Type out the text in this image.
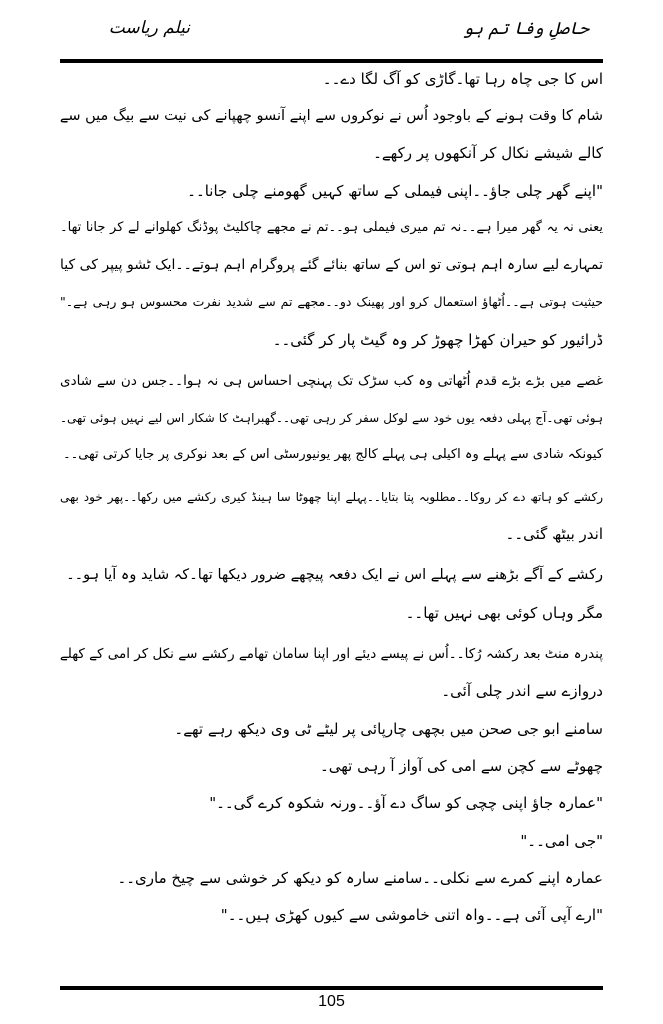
حاصلِ وفا تم ہو
نیلم ریاست
اس کا جی چاہ رہا تھا۔گاڑی کو آگ لگا دے۔۔
شام کا وقت ہونے کے باوجود اُس نے نوکروں سے اپنے آنسو چھپانے کی نیت سے بیگ میں سے
کالے شیشے نکال کر آنکھوں پر رکھے۔
"اپنے گھر چلی جاؤ۔۔اپنی فیملی کے ساتھ کہیں گھومنے چلی جانا۔۔
یعنی نہ یہ گھر میرا ہے۔۔نہ تم میری فیملی ہو۔۔تم نے مجھے چاکلیٹ پوڈنگ کھلوانے لے کر جانا تھا۔
تمہارے لیے سارہ اہم ہوتی تو اس کے ساتھ بنائے گئے پروگرام اہم ہوتے۔۔ایک ٹشو پیپر کی کیا
حیثیت ہوتی ہے۔۔اُٹھاؤ استعمال کرو اور پھینک دو۔۔مجھے تم سے شدید نفرت محسوس ہو رہی ہے۔"
ڈرائیور کو حیران کھڑا چھوڑ کر وہ گیٹ پار کر گئی۔۔
غصے میں بڑے بڑے قدم اُٹھاتی وہ کب سڑک تک پہنچی احساس ہی نہ ہوا۔۔جس دن سے شادی
ہوئی تھی۔آج پہلی دفعہ یوں خود سے لوکل سفر کر رہی تھی۔۔گھبراہٹ کا شکار اس لیے نہیں ہوئی تھی۔
کیونکہ شادی سے پہلے وہ اکیلی ہی پہلے کالج پھر یونیورسٹی اس کے بعد نوکری پر جایا کرتی تھی۔۔
رکشے کو ہاتھ دے کر روکا۔۔مطلوبہ پتا بتایا۔۔پہلے اپنا چھوٹا سا ہینڈ کیری رکشے میں رکھا۔۔پھر خود بھی
اندر بیٹھ گئی۔۔
رکشے کے آگے بڑھنے سے پہلے اس نے ایک دفعہ پیچھے ضرور دیکھا تھا۔کہ شاید وہ آیا ہو۔۔
مگر وہاں کوئی بھی نہیں تھا۔۔
پندرہ منٹ بعد رکشہ رُکا۔۔اُس نے پیسے دیئے اور اپنا سامان تھامے رکشے سے نکل کر امی کے کھلے
دروازے سے اندر چلی آئی۔
سامنے ابو جی صحن میں بچھی چارپائی پر لیٹے ٹی وی دیکھ رہے تھے۔
چھوٹے سے کچن سے امی کی آواز آ رہی تھی۔
"عمارہ جاؤ اپنی چچی کو ساگ دے آؤ۔۔ورنہ شکوہ کرے گی۔۔"
"جی امی۔۔"
عمارہ اپنے کمرے سے نکلی۔۔سامنے سارہ کو دیکھ کر خوشی سے چیخ ماری۔۔
"ارے آپی آئی ہے۔۔واہ اتنی خاموشی سے کیوں کھڑی ہیں۔۔"
105
